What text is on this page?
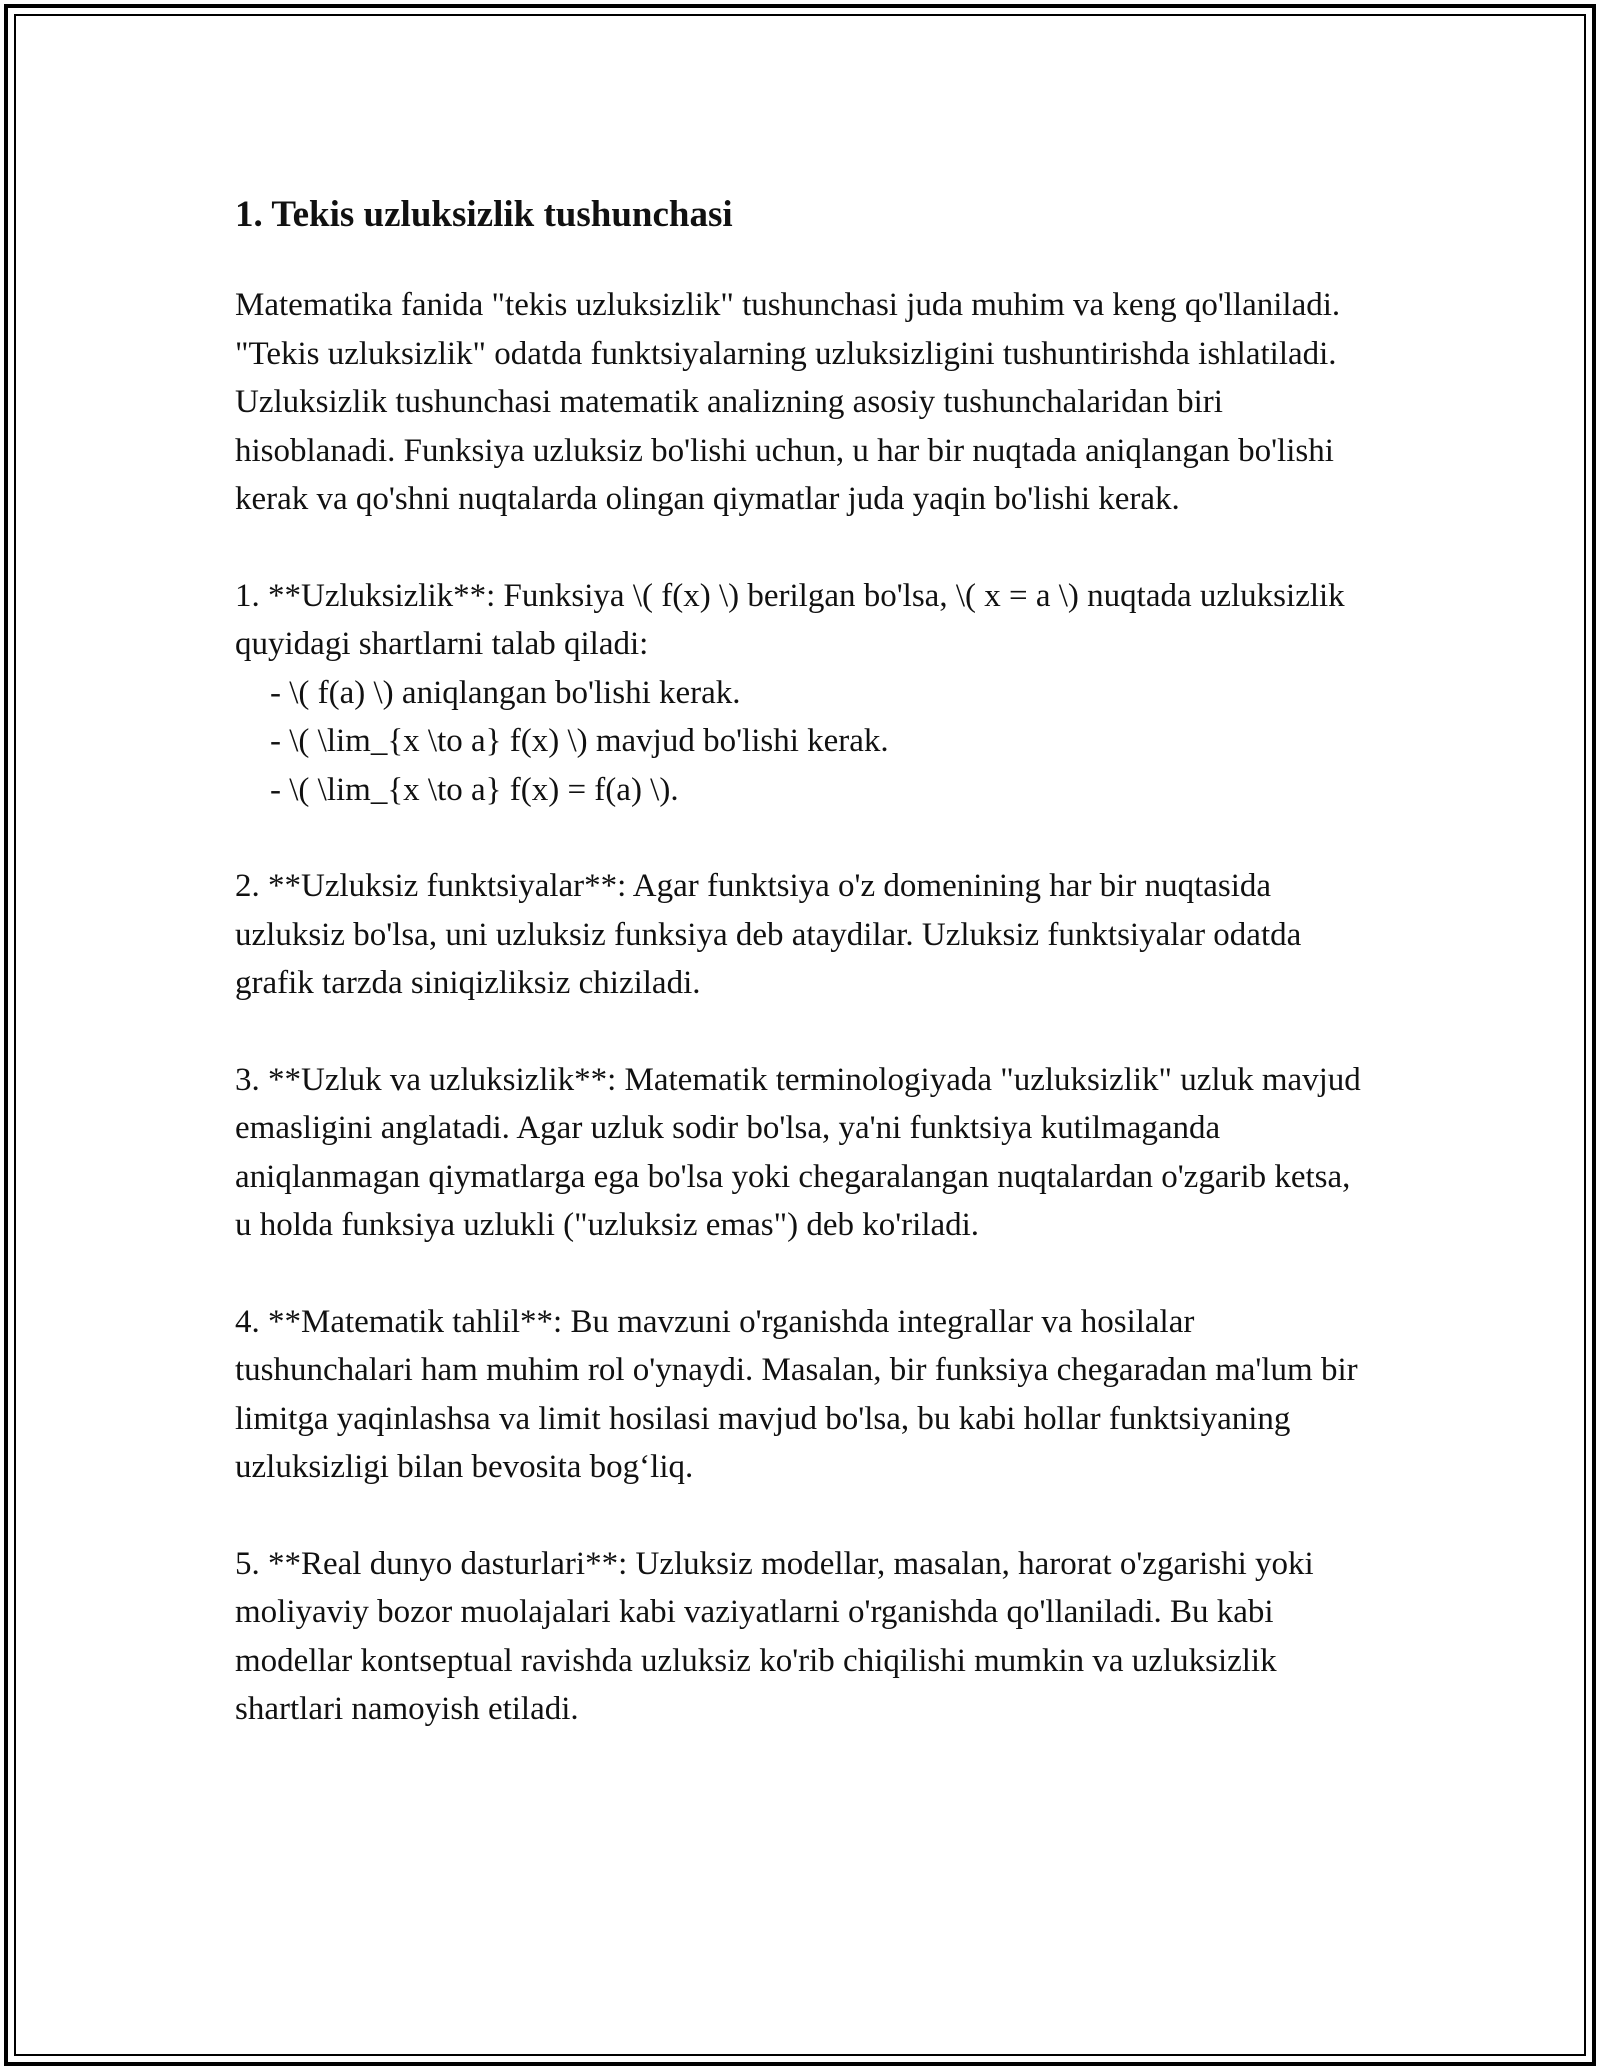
1. Tekis uzluksizlik tushunchasi

Matematika fanida "tekis uzluksizlik" tushunchasi juda muhim va keng qo'llaniladi. "Tekis uzluksizlik" odatda funktsiyalarning uzluksizligini tushuntirishda ishlatiladi. Uzluksizlik tushunchasi matematik analizning asosiy tushunchalaridan biri hisoblanadi. Funksiya uzluksiz bo'lishi uchun, u har bir nuqtada aniqlangan bo'lishi kerak va qo'shni nuqtalarda olingan qiymatlar juda yaqin bo'lishi kerak.

1. **Uzluksizlik**: Funksiya \( f(x) \) berilgan bo'lsa, \( x = a \) nuqtada uzluksizlik quyidagi shartlarni talab qiladi:
- \( f(a) \) aniqlangan bo'lishi kerak.
- \( \lim_{x \to a} f(x) \) mavjud bo'lishi kerak.
- \( \lim_{x \to a} f(x) = f(a) \).

2. **Uzluksiz funktsiyalar**: Agar funktsiya o'z domenining har bir nuqtasida uzluksiz bo'lsa, uni uzluksiz funksiya deb ataydilar. Uzluksiz funktsiyalar odatda grafik tarzda siniqizliksiz chiziladi.

3. **Uzluk va uzluksizlik**: Matematik terminologiyada "uzluksizlik" uzluk mavjud emasligini anglatadi. Agar uzluk sodir bo'lsa, ya'ni funktsiya kutilmaganda aniqlanmagan qiymatlarga ega bo'lsa yoki chegaralangan nuqtalardan o'zgarib ketsa, u holda funksiya uzlukli ("uzluksiz emas") deb ko'riladi.

4. **Matematik tahlil**: Bu mavzuni o'rganishda integrallar va hosilalar tushunchalari ham muhim rol o'ynaydi. Masalan, bir funksiya chegaradan ma'lum bir limitga yaqinlashsa va limit hosilasi mavjud bo'lsa, bu kabi hollar funktsiyaning uzluksizligi bilan bevosita bog‘liq.

5. **Real dunyo dasturlari**: Uzluksiz modellar, masalan, harorat o'zgarishi yoki moliyaviy bozor muolajalari kabi vaziyatlarni o'rganishda qo'llaniladi. Bu kabi modellar kontseptual ravishda uzluksiz ko'rib chiqilishi mumkin va uzluksizlik shartlari namoyish etiladi.
